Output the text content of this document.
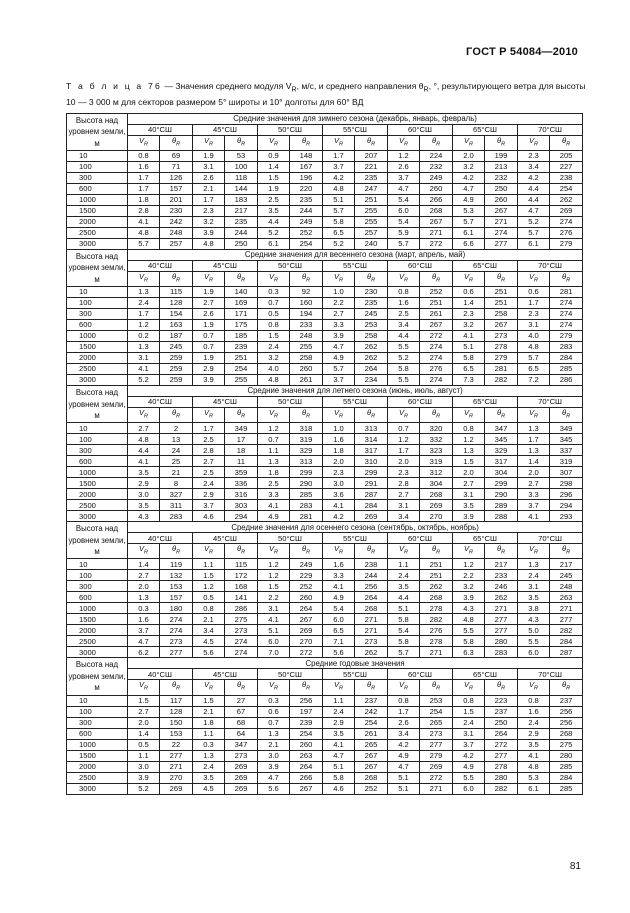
ГОСТ Р 54084—2010
Т а б л и ц а 76 — Значения среднего модуля $V_R$, м/с, и среднего направления $\theta_R$, °, результирующего ветра для высоты 10 — 3 000 м для секторов размером 5° широты и 10° долготы для 60° ВД
Высота над уровнем земли, м	Средние значения для зимнего сезона (декабрь, январь, февраль)													
	40°СШ		45°СШ		50°СШ		55°СШ		60°СШ		65°СШ		70°СШ	
	$V_R$	$\theta_R$	$V_R$	$\theta_R$	$V_R$	$\theta_R$	$V_R$	$\theta_R$	$V_R$	$\theta_R$	$V_R$	$\theta_R$	$V_R$	$\theta_R$
10	0.8	69	1.9	53	0.9	148	1.7	207	1.2	224	2.0	199	2.3	205
100	1.6	71	3.1	100	1.4	167	3.7	221	2.6	232	3.2	213	3.4	227
300	1.7	126	2.6	118	1.5	196	4.2	235	3.7	249	4.2	232	4.2	238
600	1.7	157	2.1	144	1.9	220	4.8	247	4.7	260	4.7	250	4.4	254
1000	1.8	201	1.7	183	2.5	235	5.1	251	5.4	266	4.9	260	4.4	262
1500	2.8	230	2.3	217	3.5	244	5.7	255	6.0	268	5.3	267	4.7	269
2000	4.1	242	3.2	235	4.4	249	5.8	255	5.4	267	5.7	271	5.2	274
2500	4.8	248	3.9	244	5.2	252	6.5	257	5.9	271	6.1	274	5.7	276
3000	5.7	257	4.8	250	6.1	254	5.2	240	5.7	272	6.6	277	6.1	279
Высота над уровнем земли, м	Средние значения для весеннего сезона (март, апрель, май)													
	40°СШ		45°СШ		50°СШ		55°СШ		60°СШ		65°СШ		70°СШ	
	$V_R$	$\theta_R$	$V_R$	$\theta_R$	$V_R$	$\theta_R$	$V_R$	$\theta_R$	$V_R$	$\theta_R$	$V_R$	$\theta_R$	$V_R$	$\theta_R$
10	1.3	115	1.9	140	0.3	92	1.0	230	0.8	252	0.6	251	0.6	281
100	2.4	128	2.7	169	0.7	160	2.2	235	1.6	251	1.4	251	1.7	274
300	1.7	154	2.6	171	0.5	194	2.7	245	2.5	261	2.3	258	2.3	274
600	1.2	163	1.9	175	0.8	233	3.3	253	3.4	267	3.2	267	3.1	274
1000	0.2	187	0.7	185	1.5	248	3.9	258	4.4	272	4.1	273	4.0	279
1500	1.3	245	0.7	239	2.4	255	4.7	262	5.5	274	5.1	278	4.8	283
2000	3.1	259	1.9	251	3.2	258	4.9	262	5.2	274	5.8	279	5.7	284
2500	4.1	259	2.9	254	4.0	260	5.7	264	5.8	276	6.5	281	6.5	285
3000	5.2	259	3.9	255	4.8	261	3.7	234	5.5	274	7.3	282	7.2	286
Высота над уровнем земли, м	Средние значения для летнего сезона (июнь, июль, август)													
	40°СШ		45°СШ		50°СШ		55°СШ		60°СШ		65°СШ		70°СШ	
	$V_R$	$\theta_R$	$V_R$	$\theta_R$	$V_R$	$\theta_R$	$V_R$	$\theta_R$	$V_R$	$\theta_R$	$V_R$	$\theta_R$	$V_R$	$\theta_R$
10	2.7	2	1.7	349	1.2	318	1.0	313	0.7	320	0.8	347	1.3	349
100	4.8	13	2.5	17	0.7	319	1.6	314	1.2	332	1.2	345	1.7	345
300	4.4	24	2.8	18	1.1	329	1.8	317	1.7	323	1.3	329	1.3	337
600	4.1	25	2.7	11	1.3	313	2.0	310	2.0	319	1.5	317	1.4	319
1000	3.5	21	2.5	359	1.8	299	2.3	299	2.3	312	2.0	304	2.0	307
1500	2.9	8	2.4	336	2.5	290	3.0	291	2.8	304	2.7	299	2.7	298
2000	3.0	327	2.9	316	3.3	285	3.6	287	2.7	268	3.1	290	3.3	296
2500	3.5	311	3.7	303	4.1	283	4.1	284	3.1	269	3.5	289	3.7	294
3000	4.3	283	4.6	294	4.9	281	4.2	269	3.4	270	3.9	288	4.1	293
Высота над уровнем земли, м	Средние значения для осеннего сезона (сентябрь, октябрь, ноябрь)													
	40°СШ		45°СШ		50°СШ		55°СШ		60°СШ		65°СШ		70°СШ	
	$V_R$	$\theta_R$	$V_R$	$\theta_R$	$V_R$	$\theta_R$	$V_R$	$\theta_R$	$V_R$	$\theta_R$	$V_R$	$\theta_R$	$V_R$	$\theta_R$
10	1.4	119	1.1	115	1.2	249	1.6	238	1.1	251	1.2	217	1.3	217
100	2.7	132	1.5	172	1.2	229	3.3	244	2.4	251	2.2	233	2.4	245
300	2.0	153	1.2	168	1.5	252	4.1	256	3.5	262	3.2	246	3.1	248
600	1.3	157	0.5	141	2.2	260	4.9	264	4.4	268	3.9	262	3.5	263
1000	0.3	180	0.8	286	3.1	264	5.4	268	5.1	278	4.3	271	3.8	271
1500	1.6	274	2.1	275	4.1	267	6.0	271	5.8	282	4.8	277	4.3	277
2000	3.7	274	3.4	273	5.1	269	6.5	271	5.4	276	5.5	277	5.0	282
2500	4.7	273	4.5	274	6.0	270	7.1	273	5.8	278	5.8	280	5.5	284
3000	6.2	277	5.6	274	7.0	272	5.6	262	5.7	271	6.3	283	6.0	287
Высота над уровнем земли, м	Средние годовые значения													
	40°СШ		45°СШ		50°СШ		55°СШ		60°СШ		65°СШ		70°СШ	
	$V_R$	$\theta_R$	$V_R$	$\theta_R$	$V_R$	$\theta_R$	$V_R$	$\theta_R$	$V_R$	$\theta_R$	$V_R$	$\theta_R$	$V_R$	$\theta_R$
10	1.5	117	1.5	27	0.3	256	1.1	237	0.8	253	0.8	223	0.8	237
100	2.7	128	2.1	67	0.6	197	2.4	242	1.7	254	1.5	237	1.6	256
300	2.0	150	1.8	68	0.7	239	2.9	254	2.6	265	2.4	250	2.4	256
600	1.4	153	1.1	64	1.3	254	3.5	261	3.4	273	3.1	264	2.9	268
1000	0.5	22	0.3	347	2.1	260	4.1	265	4.2	277	3.7	272	3.5	275
1500	1.1	277	1.3	273	3.0	263	4.7	267	4.9	279	4.2	277	4.1	280
2000	3.0	271	2.4	269	3.9	264	5.1	267	4.7	269	4.9	278	4.8	285
2500	3.9	270	3.5	269	4.7	266	5.8	268	5.1	272	5.5	280	5.3	284
3000	5.2	269	4.5	269	5.6	267	4.6	252	5.1	271	6.0	282	6.1	285
81
